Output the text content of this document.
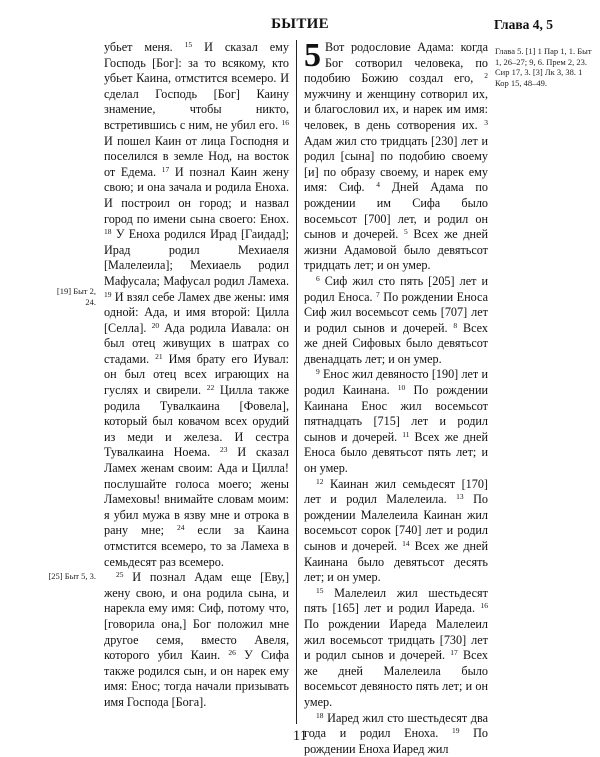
БЫТИЕ	Глава 4, 5
[19] Быт 2, 24.
[25] Быт 5, 3.
Глава 5. [1] 1 Пар 1, 1. Быт 1, 26–27; 9, 6. Прем 2, 23. Сир 17, 3. [3] Лк 3, 38. 1 Кор 15, 48–49.

убьет меня. $^{15}$ И сказал ему Господь [Бог]: за то всякому, кто убьет Каина, отмстится всемеро. И сделал Господь [Бог] Каину знамение, чтобы никто, встретившись с ним, не убил его. $^{16}$ И пошел Каин от лица Господня и поселился в земле Нод, на восток от Едема. $^{17}$ И познал Каин жену свою; и она зачала и родила Еноха. И построил он город; и назвал город по имени сына своего: Енох. $^{18}$ У Еноха родился Ирад [Гаидад]; Ирад родил Мехиаеля [Малелеила]; Мехиаель родил Мафусала; Мафусал родил Ламеха. $^{19}$ И взял себе Ламех две жены: имя одной: Ада, и имя второй: Цилла [Селла]. $^{20}$ Ада родила Иавала: он был отец живущих в шатрах со стадами. $^{21}$ Имя брату его Иувал: он был отец всех играющих на гуслях и свирели. $^{22}$ Цилла также родила Тувалкаина [Фовела], который был ковачом всех орудий из меди и железа. И сестра Тувалкаина Ноема. $^{23}$ И сказал Ламех женам своим: Ада и Цилла! послушайте голоса моего; жены Ламеховы! внимайте словам моим: я убил мужа в язву мне и отрока в рану мне; $^{24}$ если за Каина отмстится всемеро, то за Ламеха в семьдесят раз всемеро.

$^{25}$ И познал Адам еще [Еву,] жену свою, и она родила сына, и нарекла ему имя: Сиф, потому что, [говорила она,] Бог положил мне другое семя, вместо Авеля, которого убил Каин. $^{26}$ У Сифа также родился сын, и он нарек ему имя: Енос; тогда начали призывать имя Господа [Бога].

5 Вот родословие Адама: когда Бог сотворил человека, по подобию Божию создал его, $^2$ мужчину и женщину сотворил их, и благословил их, и нарек им имя: человек, в день сотворения их. $^3$ Адам жил сто тридцать [230] лет и родил [сына] по подобию своему [и] по образу своему, и нарек ему имя: Сиф. $^4$ Дней Адама по рождении им Сифа было восемьсот [700] лет, и родил он сынов и дочерей. $^5$ Всех же дней жизни Адамовой было девятьсот тридцать лет; и он умер.

$^6$ Сиф жил сто пять [205] лет и родил Еноса. $^7$ По рождении Еноса Сиф жил восемьсот семь [707] лет и родил сынов и дочерей. $^8$ Всех же дней Сифовых было девятьсот двенадцать лет; и он умер.

$^9$ Енос жил девяносто [190] лет и родил Каинана. $^{10}$ По рождении Каинана Енос жил восемьсот пятнадцать [715] лет и родил сынов и дочерей. $^{11}$ Всех же дней Еноса было девятьсот пять лет; и он умер.

$^{12}$ Каинан жил семьдесят [170] лет и родил Малелеила. $^{13}$ По рождении Малелеила Каинан жил восемьсот сорок [740] лет и родил сынов и дочерей. $^{14}$ Всех же дней Каинана было девятьсот десять лет; и он умер.

$^{15}$ Малелеил жил шестьдесят пять [165] лет и родил Иареда. $^{16}$ По рождении Иареда Малелеил жил восемьсот тридцать [730] лет и родил сынов и дочерей. $^{17}$ Всех же дней Малелеила было восемьсот девяносто пять лет; и он умер.

$^{18}$ Иаред жил сто шестьдесят два года и родил Еноха. $^{19}$ По рождении Еноха Иаред жил

11
